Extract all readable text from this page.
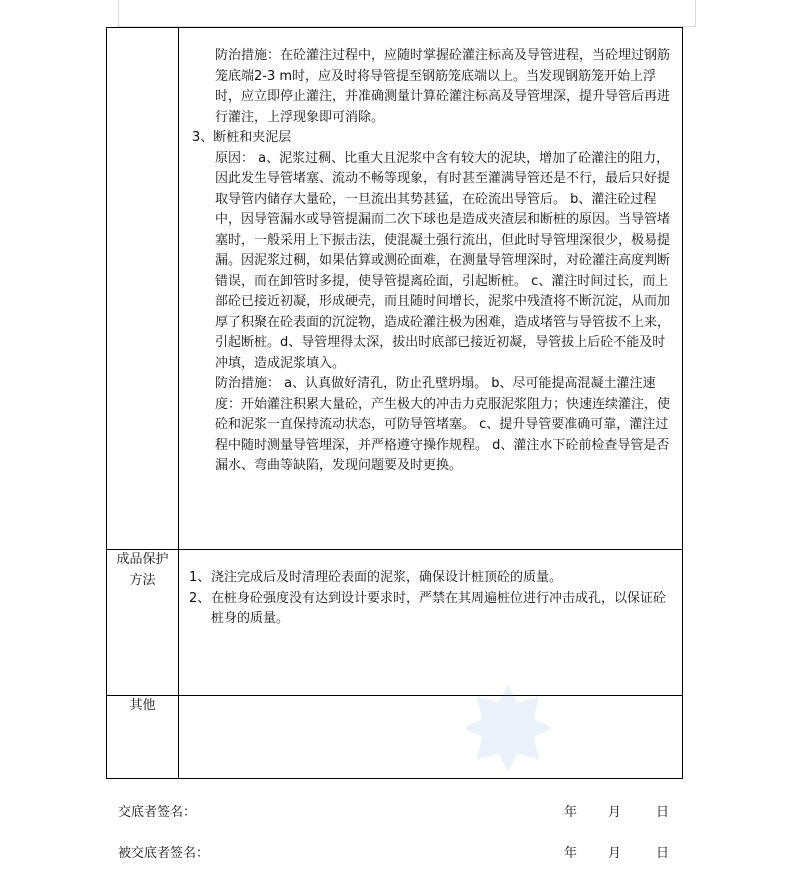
	防治措施：在砼灌注过程中，应随时掌握砼灌注标高及导管进程，当砼埋过钢筋笼底端2-3 m时，应及时将导管提至钢筋笼底端以上。当发现钢筋笼开始上浮时，应立即停止灌注，并准确测量计算砼灌注标高及导管埋深，提升导管后再进行灌注，上浮现象即可消除。
3、断桩和夹泥层
原因： a、泥浆过稠、比重大且泥浆中含有较大的泥块，增加了砼灌注的阻力，因此发生导管堵塞、流动不畅等现象，有时甚至灌满导管还是不行，最后只好提取导管内储存大量砼，一旦流出其势甚猛，在砼流出导管后。 b、灌注砼过程中，因导管漏水或导管提漏而二次下球也是造成夹渣层和断桩的原因。当导管堵塞时，一般采用上下振击法，使混凝土强行流出，但此时导管埋深很少，极易提漏。因泥浆过稠，如果估算或测砼面难，在测量导管埋深时，对砼灌注高度判断错误，而在卸管时多提，使导管提离砼面，引起断桩。 c、灌注时间过长，而上部砼已接近初凝，形成硬壳，而且随时间增长，泥浆中残渣将不断沉淀，从而加厚了积聚在砼表面的沉淀物，造成砼灌注极为困难，造成堵管与导管拔不上来，引起断桩。d、导管埋得太深，拔出时底部已接近初凝，导管拔上后砼不能及时冲填，造成泥浆填入。
防治措施： a、认真做好清孔，防止孔壁坍塌。 b、尽可能提高混凝土灌注速度：开始灌注积累大量砼，产生极大的冲击力克服泥浆阻力；快速连续灌注，使砼和泥浆一直保持流动状态，可防导管堵塞。 c、提升导管要准确可靠，灌注过程中随时测量导管埋深，并严格遵守操作规程。 d、灌注水下砼前检查导管是否漏水、弯曲等缺陷，发现问题要及时更换。

成品保护方法	1、 浇注完成后及时清理砼表面的泥浆，确保设计桩顶砼的质量。
2、 在桩身砼强度没有达到设计要求时，严禁在其周遍桩位进行冲击成孔，以保证砼桩身的质量。

其他	

交底者签名：	年 月	日
被交底者签名：	年 月	日
